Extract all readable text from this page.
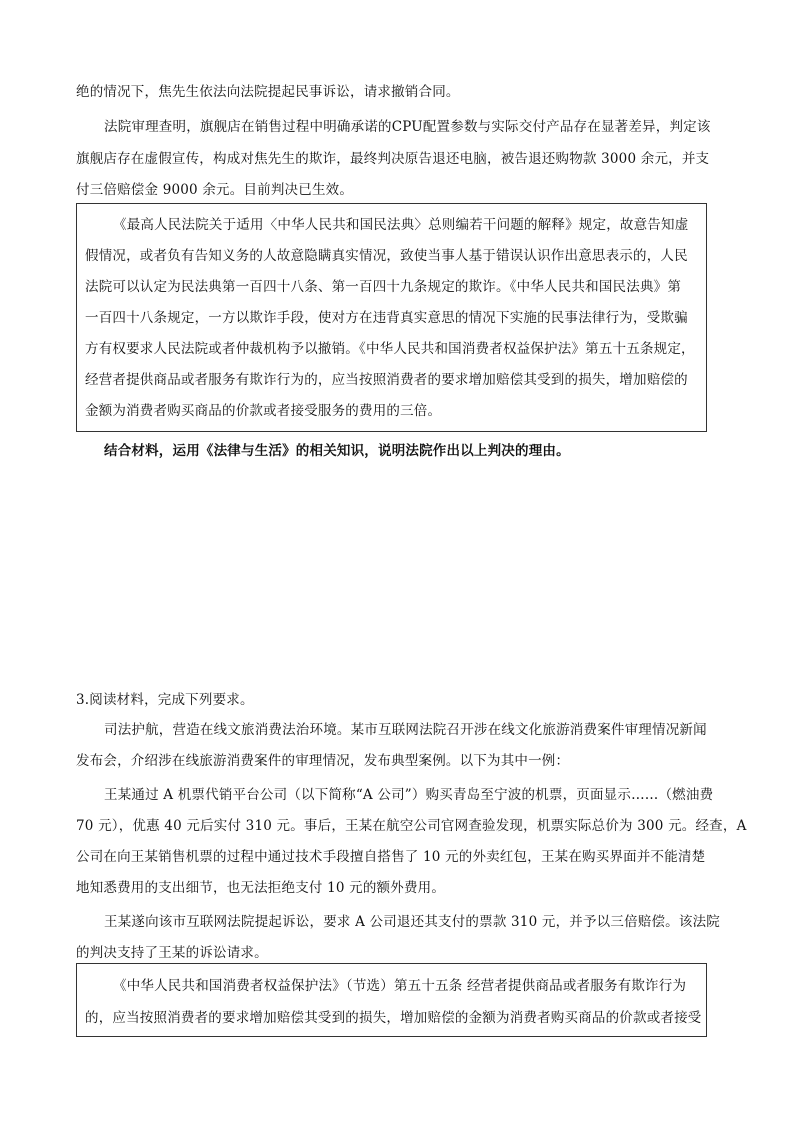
绝的情况下，焦先生依法向法院提起民事诉讼，请求撤销合同。
法院审理查明，旗舰店在销售过程中明确承诺的CPU配置参数与实际交付产品存在显著差异，判定该
旗舰店存在虚假宣传，构成对焦先生的欺诈，最终判决原告退还电脑，被告退还购物款 3000 余元，并支
付三倍赔偿金 9000 余元。目前判决已生效。
《最高人民法院关于适用〈中华人民共和国民法典〉总则编若干问题的解释》规定，故意告知虚
假情况，或者负有告知义务的人故意隐瞒真实情况，致使当事人基于错误认识作出意思表示的，人民
法院可以认定为民法典第一百四十八条、第一百四十九条规定的欺诈。《中华人民共和国民法典》第
一百四十八条规定，一方以欺诈手段，使对方在违背真实意思的情况下实施的民事法律行为，受欺骗
方有权要求人民法院或者仲裁机构予以撤销。《中华人民共和国消费者权益保护法》第五十五条规定，
经营者提供商品或者服务有欺诈行为的，应当按照消费者的要求增加赔偿其受到的损失，增加赔偿的
金额为消费者购买商品的价款或者接受服务的费用的三倍。
结合材料，运用《法律与生活》的相关知识，说明法院作出以上判决的理由。
3.阅读材料，完成下列要求。
司法护航，营造在线文旅消费法治环境。某市互联网法院召开涉在线文化旅游消费案件审理情况新闻
发布会，介绍涉在线旅游消费案件的审理情况，发布典型案例。以下为其中一例：
王某通过 A 机票代销平台公司（以下简称“A 公司”）购买青岛至宁波的机票，页面显示……（燃油费
70 元），优惠 40 元后实付 310 元。事后，王某在航空公司官网查验发现，机票实际总价为 300 元。经查，A
公司在向王某销售机票的过程中通过技术手段擅自搭售了 10 元的外卖红包，王某在购买界面并不能清楚
地知悉费用的支出细节，也无法拒绝支付 10 元的额外费用。
王某遂向该市互联网法院提起诉讼，要求 A 公司退还其支付的票款 310 元，并予以三倍赔偿。该法院
的判决支持了王某的诉讼请求。
《中华人民共和国消费者权益保护法》（节选）第五十五条 经营者提供商品或者服务有欺诈行为
的，应当按照消费者的要求增加赔偿其受到的损失，增加赔偿的金额为消费者购买商品的价款或者接受
